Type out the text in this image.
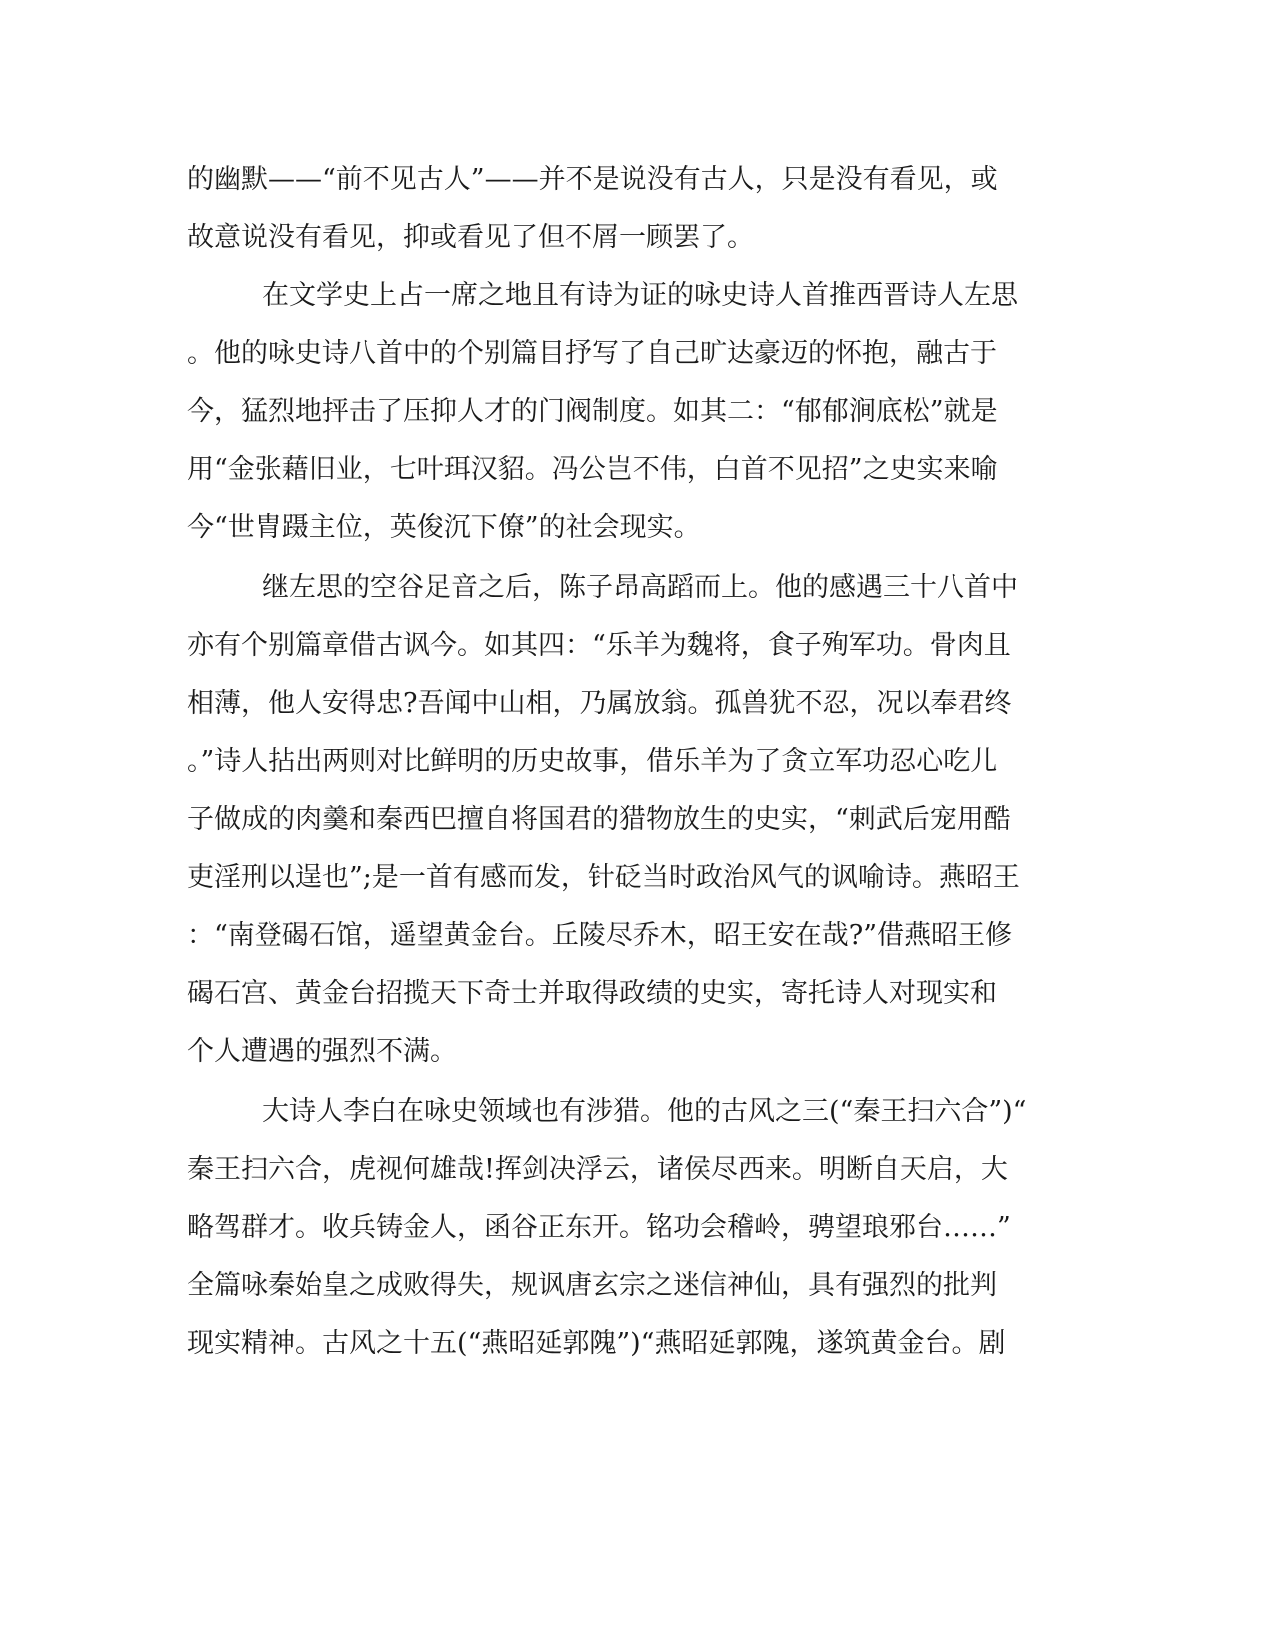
的幽默——“前不见古人”——并不是说没有古人，只是没有看见，或
故意说没有看见，抑或看见了但不屑一顾罢了。
在文学史上占一席之地且有诗为证的咏史诗人首推西晋诗人左思
。他的咏史诗八首中的个别篇目抒写了自己旷达豪迈的怀抱，融古于
今，猛烈地抨击了压抑人才的门阀制度。如其二：“郁郁涧底松”就是
用“金张藉旧业，七叶珥汉貂。冯公岂不伟，白首不见招”之史实来喻
今“世胄蹑主位，英俊沉下僚”的社会现实。
继左思的空谷足音之后，陈子昂高蹈而上。他的感遇三十八首中
亦有个别篇章借古讽今。如其四：“乐羊为魏将，食子殉军功。骨肉且
相薄，他人安得忠?吾闻中山相，乃属放翁。孤兽犹不忍，况以奉君终
。”诗人拈出两则对比鲜明的历史故事，借乐羊为了贪立军功忍心吃儿
子做成的肉羹和秦西巴擅自将国君的猎物放生的史实，“刺武后宠用酷
吏淫刑以逞也”;是一首有感而发，针砭当时政治风气的讽喻诗。燕昭王
：“南登碣石馆，遥望黄金台。丘陵尽乔木，昭王安在哉?”借燕昭王修
碣石宫、黄金台招揽天下奇士并取得政绩的史实，寄托诗人对现实和
个人遭遇的强烈不满。
大诗人李白在咏史领域也有涉猎。他的古风之三(“秦王扫六合”)“
秦王扫六合，虎视何雄哉!挥剑决浮云，诸侯尽西来。明断自天启，大
略驾群才。收兵铸金人，函谷正东开。铭功会稽岭，骋望琅邪台……”
全篇咏秦始皇之成败得失，规讽唐玄宗之迷信神仙，具有强烈的批判
现实精神。古风之十五(“燕昭延郭隗”)“燕昭延郭隗，遂筑黄金台。剧
